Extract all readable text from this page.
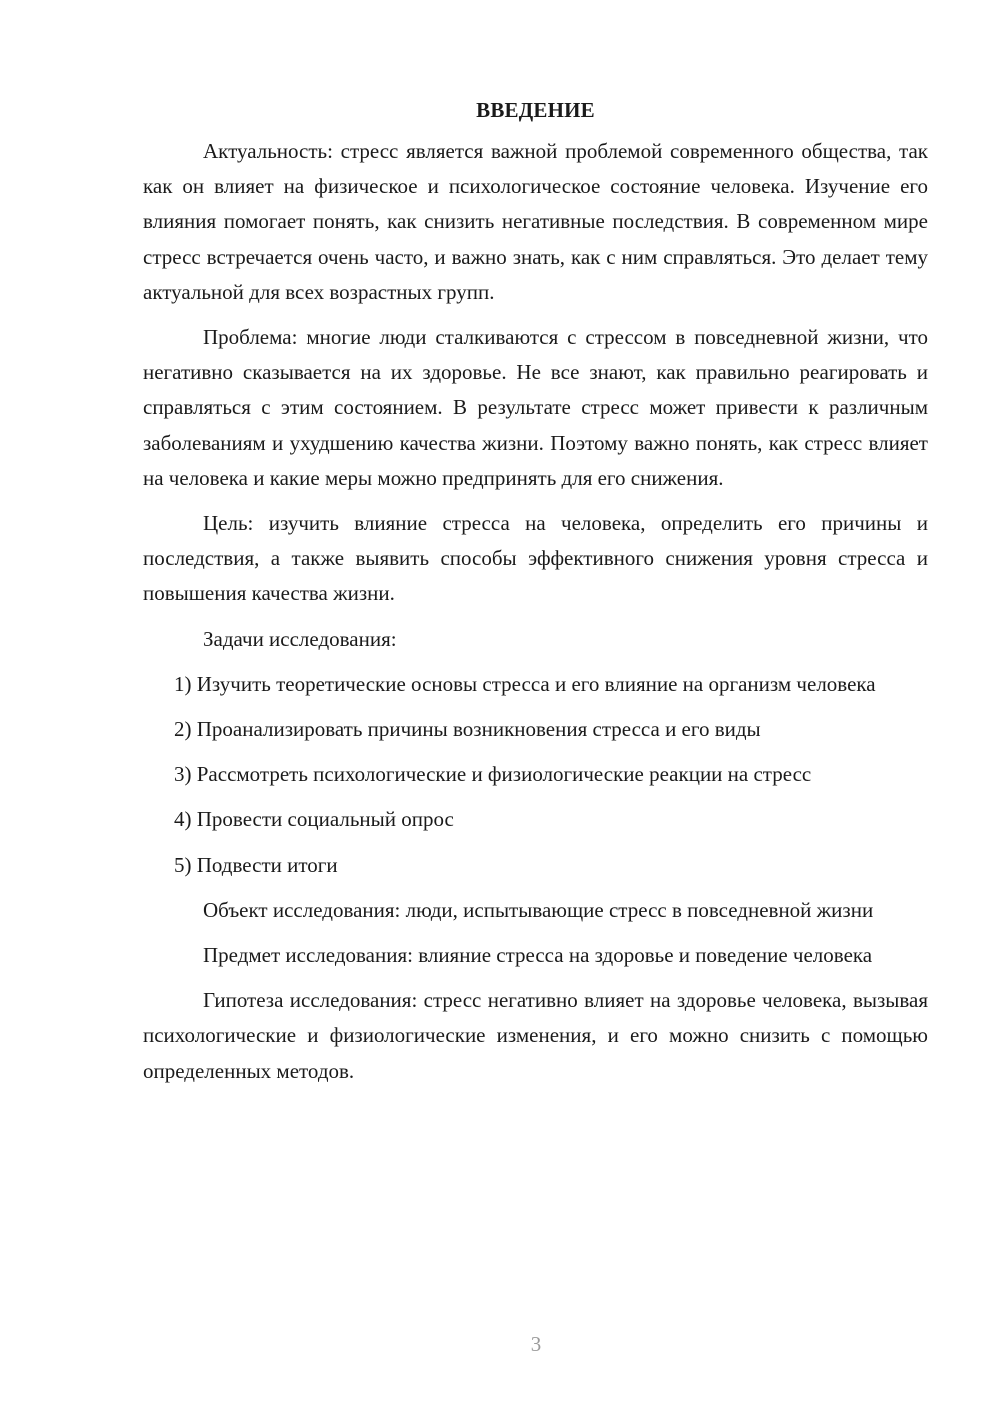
ВВЕДЕНИЕ

Актуальность: стресс является важной проблемой современного общества, так как он влияет на физическое и психологическое состояние человека. Изучение его влияния помогает понять, как снизить негативные последствия. В современном мире стресс встречается очень часто, и важно знать, как с ним справляться. Это делает тему актуальной для всех возрастных групп.

Проблема: многие люди сталкиваются с стрессом в повседневной жизни, что негативно сказывается на их здоровье. Не все знают, как правильно реагировать и справляться с этим состоянием. В результате стресс может привести к различным заболеваниям и ухудшению качества жизни. Поэтому важно понять, как стресс влияет на человека и какие меры можно предпринять для его снижения.

Цель: изучить влияние стресса на человека, определить его причины и последствия, а также выявить способы эффективного снижения уровня стресса и повышения качества жизни.

Задачи исследования:

1) Изучить теоретические основы стресса и его влияние на организм человека

2) Проанализировать причины возникновения стресса и его виды

3) Рассмотреть психологические и физиологические реакции на стресс

4) Провести социальный опрос

5) Подвести итоги

Объект исследования: люди, испытывающие стресс в повседневной жизни

Предмет исследования: влияние стресса на здоровье и поведение человека

Гипотеза исследования: стресс негативно влияет на здоровье человека, вызывая психологические и физиологические изменения, и его можно снизить с помощью определенных методов.

3
